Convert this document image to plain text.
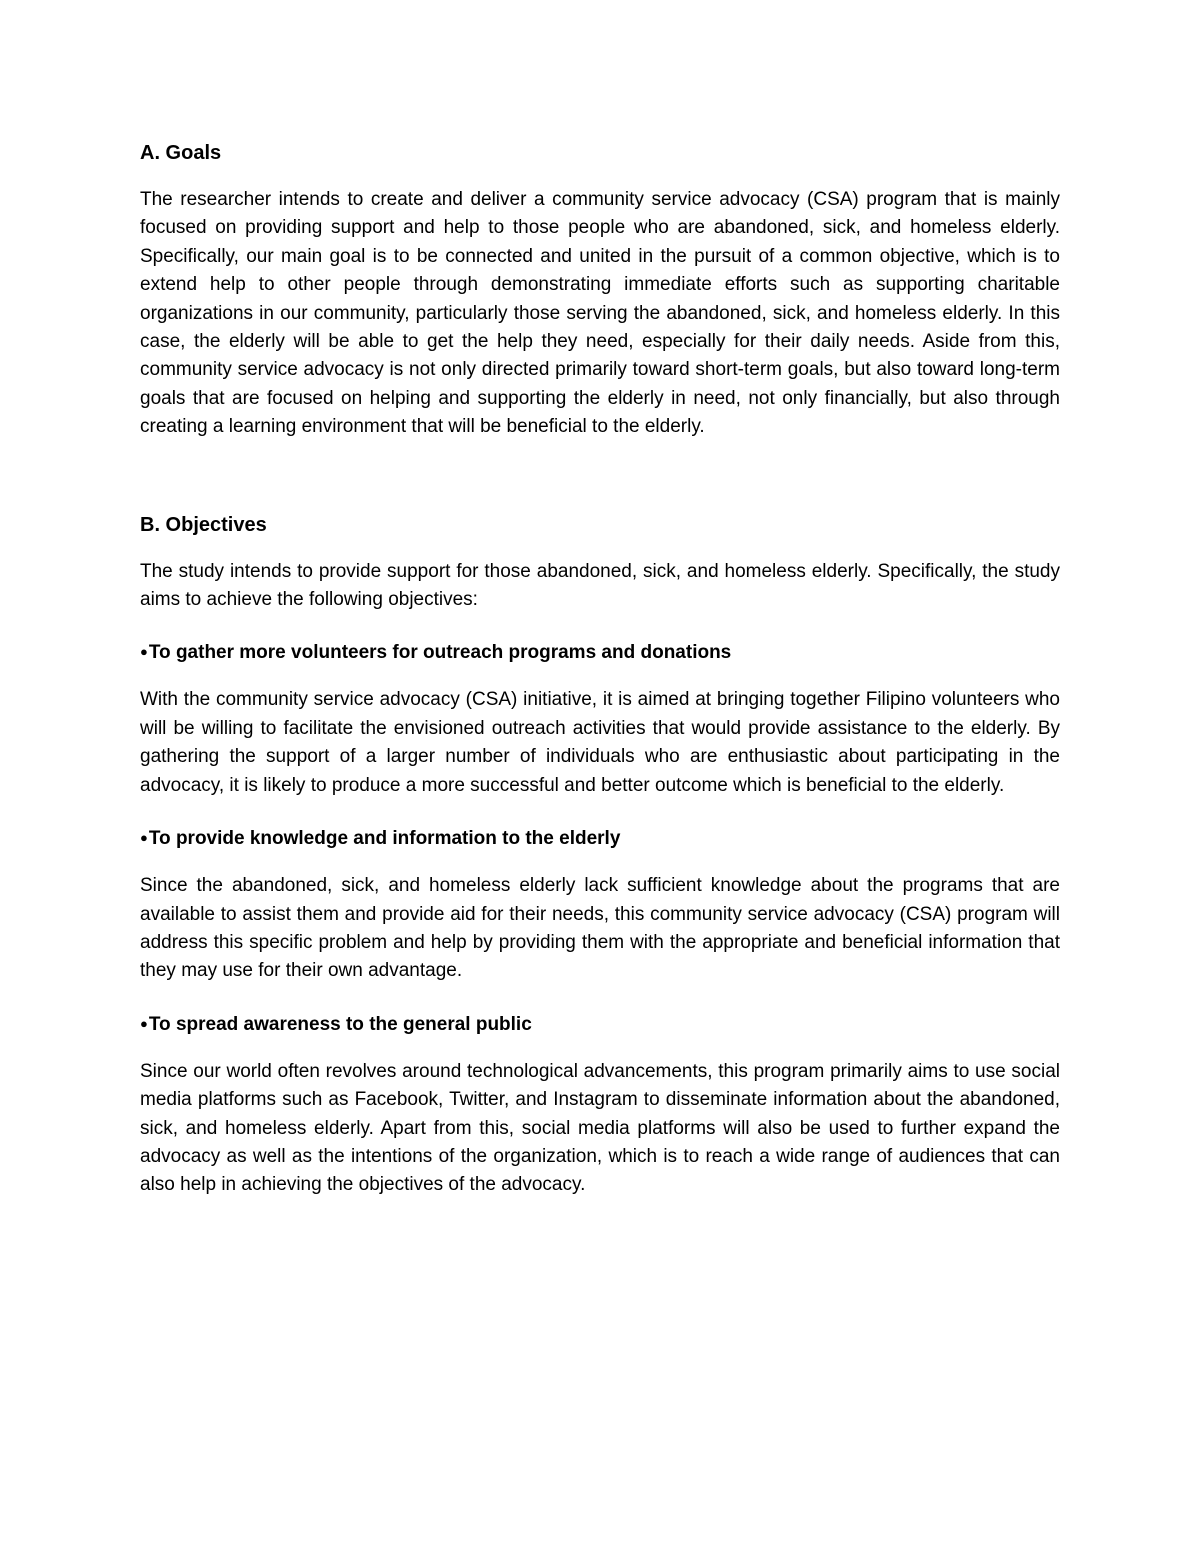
A. Goals

The researcher intends to create and deliver a community service advocacy (CSA) program that is mainly focused on providing support and help to those people who are abandoned, sick, and homeless elderly. Specifically, our main goal is to be connected and united in the pursuit of a common objective, which is to extend help to other people through demonstrating immediate efforts such as supporting charitable organizations in our community, particularly those serving the abandoned, sick, and homeless elderly. In this case, the elderly will be able to get the help they need, especially for their daily needs. Aside from this, community service advocacy is not only directed primarily toward short-term goals, but also toward long-term goals that are focused on helping and supporting the elderly in need, not only financially, but also through creating a learning environment that will be beneficial to the elderly.

B. Objectives

The study intends to provide support for those abandoned, sick, and homeless elderly. Specifically, the study aims to achieve the following objectives:

●To gather more volunteers for outreach programs and donations

With the community service advocacy (CSA) initiative, it is aimed at bringing together Filipino volunteers who will be willing to facilitate the envisioned outreach activities that would provide assistance to the elderly. By gathering the support of a larger number of individuals who are enthusiastic about participating in the advocacy, it is likely to produce a more successful and better outcome which is beneficial to the elderly.

●To provide knowledge and information to the elderly

Since the abandoned, sick, and homeless elderly lack sufficient knowledge about the programs that are available to assist them and provide aid for their needs, this community service advocacy (CSA) program will address this specific problem and help by providing them with the appropriate and beneficial information that they may use for their own advantage.

●To spread awareness to the general public

Since our world often revolves around technological advancements, this program primarily aims to use social media platforms such as Facebook, Twitter, and Instagram to disseminate information about the abandoned, sick, and homeless elderly. Apart from this, social media platforms will also be used to further expand the advocacy as well as the intentions of the organization, which is to reach a wide range of audiences that can also help in achieving the objectives of the advocacy.
